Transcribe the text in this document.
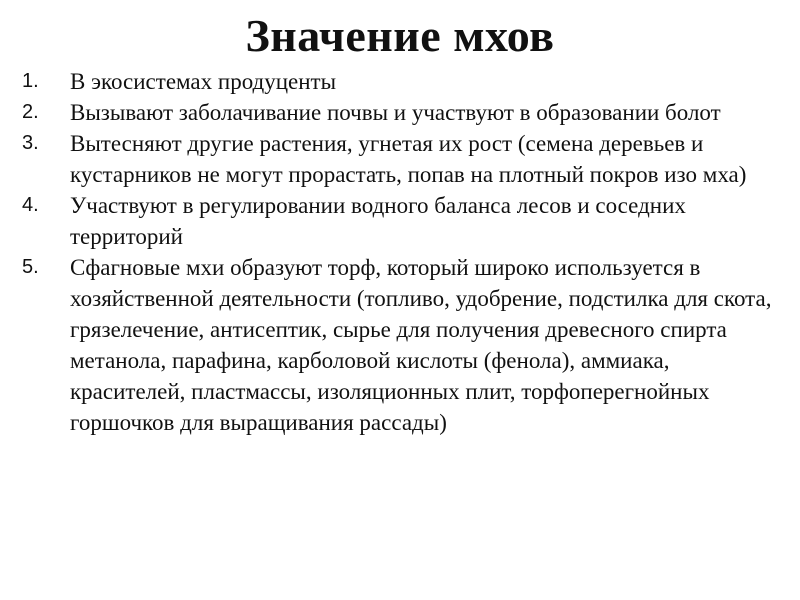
Значение мхов
1. В экосистемах продуценты
2. Вызывают заболачивание почвы и участвуют в образовании болот
3. Вытесняют другие растения, угнетая их рост (семена деревьев и кустарников не могут прорастать, попав на плотный покров изо мха)
4. Участвуют в регулировании водного баланса лесов и соседних территорий
5. Сфагновые мхи образуют торф, который широко используется в хозяйственной деятельности (топливо, удобрение, подстилка для скота, грязелечение, антисептик, сырье для получения древесного спирта метанола, парафина, карболовой кислоты (фенола), аммиака, красителей, пластмассы, изоляционных плит, торфоперегнойных горшочков для выращивания рассады)
